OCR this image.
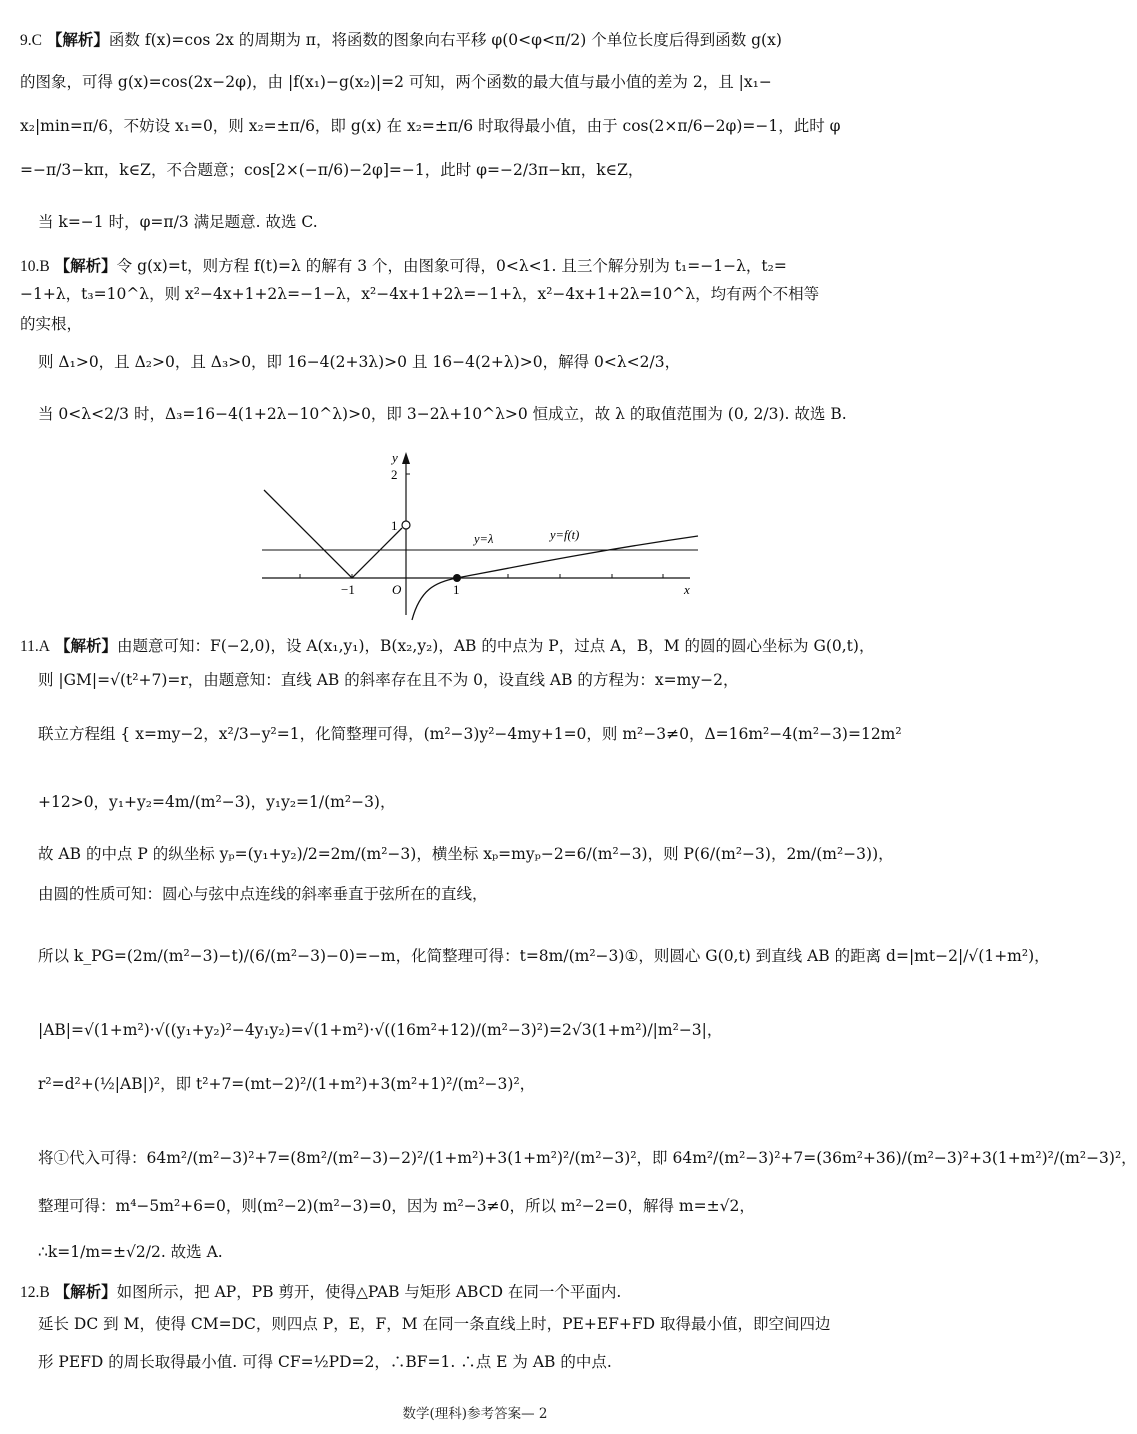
9.C 【解析】函数 f(x)=cos 2x 的周期为 π，将函数的图象向右平移 φ(0<φ<π/2) 个单位长度后得到函数 g(x)
的图象，可得 g(x)=cos(2x−2φ)，由 |f(x₁)−g(x₂)|=2 可知，两个函数的最大值与最小值的差为 2，且 |x₁−
x₂|min=π/6，不妨设 x₁=0，则 x₂=±π/6，即 g(x) 在 x₂=±π/6 时取得最小值，由于 cos(2×π/6−2φ)=−1，此时 φ
=−π/3−kπ，k∈Z，不合题意；cos[2×(−π/6)−2φ]=−1，此时 φ=−2/3π−kπ，k∈Z，
当 k=−1 时，φ=π/3 满足题意. 故选 C.
10.B 【解析】令 g(x)=t，则方程 f(t)=λ 的解有 3 个，由图象可得，0<λ<1. 且三个解分别为 t₁=−1−λ，t₂=
−1+λ，t₃=10^λ，则 x²−4x+1+2λ=−1−λ，x²−4x+1+2λ=−1+λ，x²−4x+1+2λ=10^λ，均有两个不相等
的实根，
则 Δ₁>0，且 Δ₂>0，且 Δ₃>0，即 16−4(2+3λ)>0 且 16−4(2+λ)>0，解得 0<λ<2/3，
当 0<λ<2/3 时，Δ₃=16−4(1+2λ−10^λ)>0，即 3−2λ+10^λ>0 恒成立，故 λ 的取值范围为 (0, 2/3). 故选 B.
y
x
O
2
1
−1	1
y=λ	y=f(t)
11.A 【解析】由题意可知：F(−2,0)，设 A(x₁,y₁)，B(x₂,y₂)，AB 的中点为 P，过点 A，B，M 的圆的圆心坐标为 G(0,t)，
则 |GM|=√(t²+7)=r，由题意知：直线 AB 的斜率存在且不为 0，设直线 AB 的方程为：x=my−2，
联立方程组 { x=my−2，x²/3−y²=1，化简整理可得，(m²−3)y²−4my+1=0，则 m²−3≠0，Δ=16m²−4(m²−3)=12m²
+12>0，y₁+y₂=4m/(m²−3)，y₁y₂=1/(m²−3)，
故 AB 的中点 P 的纵坐标 yₚ=(y₁+y₂)/2=2m/(m²−3)，横坐标 xₚ=myₚ−2=6/(m²−3)，则 P(6/(m²−3)，2m/(m²−3))，
由圆的性质可知：圆心与弦中点连线的斜率垂直于弦所在的直线，
所以 k_PG=(2m/(m²−3)−t)/(6/(m²−3)−0)=−m，化简整理可得：t=8m/(m²−3)①，则圆心 G(0,t) 到直线 AB 的距离 d=|mt−2|/√(1+m²)，
|AB|=√(1+m²)·√((y₁+y₂)²−4y₁y₂)=√(1+m²)·√((16m²+12)/(m²−3)²)=2√3(1+m²)/|m²−3|，
r²=d²+(½|AB|)²，即 t²+7=(mt−2)²/(1+m²)+3(m²+1)²/(m²−3)²，
将①代入可得：64m²/(m²−3)²+7=(8m²/(m²−3)−2)²/(1+m²)+3(1+m²)²/(m²−3)²，即 64m²/(m²−3)²+7=(36m²+36)/(m²−3)²+3(1+m²)²/(m²−3)²，
整理可得：m⁴−5m²+6=0，则(m²−2)(m²−3)=0，因为 m²−3≠0，所以 m²−2=0，解得 m=±√2，
∴k=1/m=±√2/2. 故选 A.
12.B 【解析】如图所示，把 AP，PB 剪开，使得△PAB 与矩形 ABCD 在同一个平面内.
延长 DC 到 M，使得 CM=DC，则四点 P，E，F，M 在同一条直线上时，PE+EF+FD 取得最小值，即空间四边
形 PEFD 的周长取得最小值. 可得 CF=½PD=2，∴BF=1. ∴点 E 为 AB 的中点.
数学(理科)参考答案— 2
